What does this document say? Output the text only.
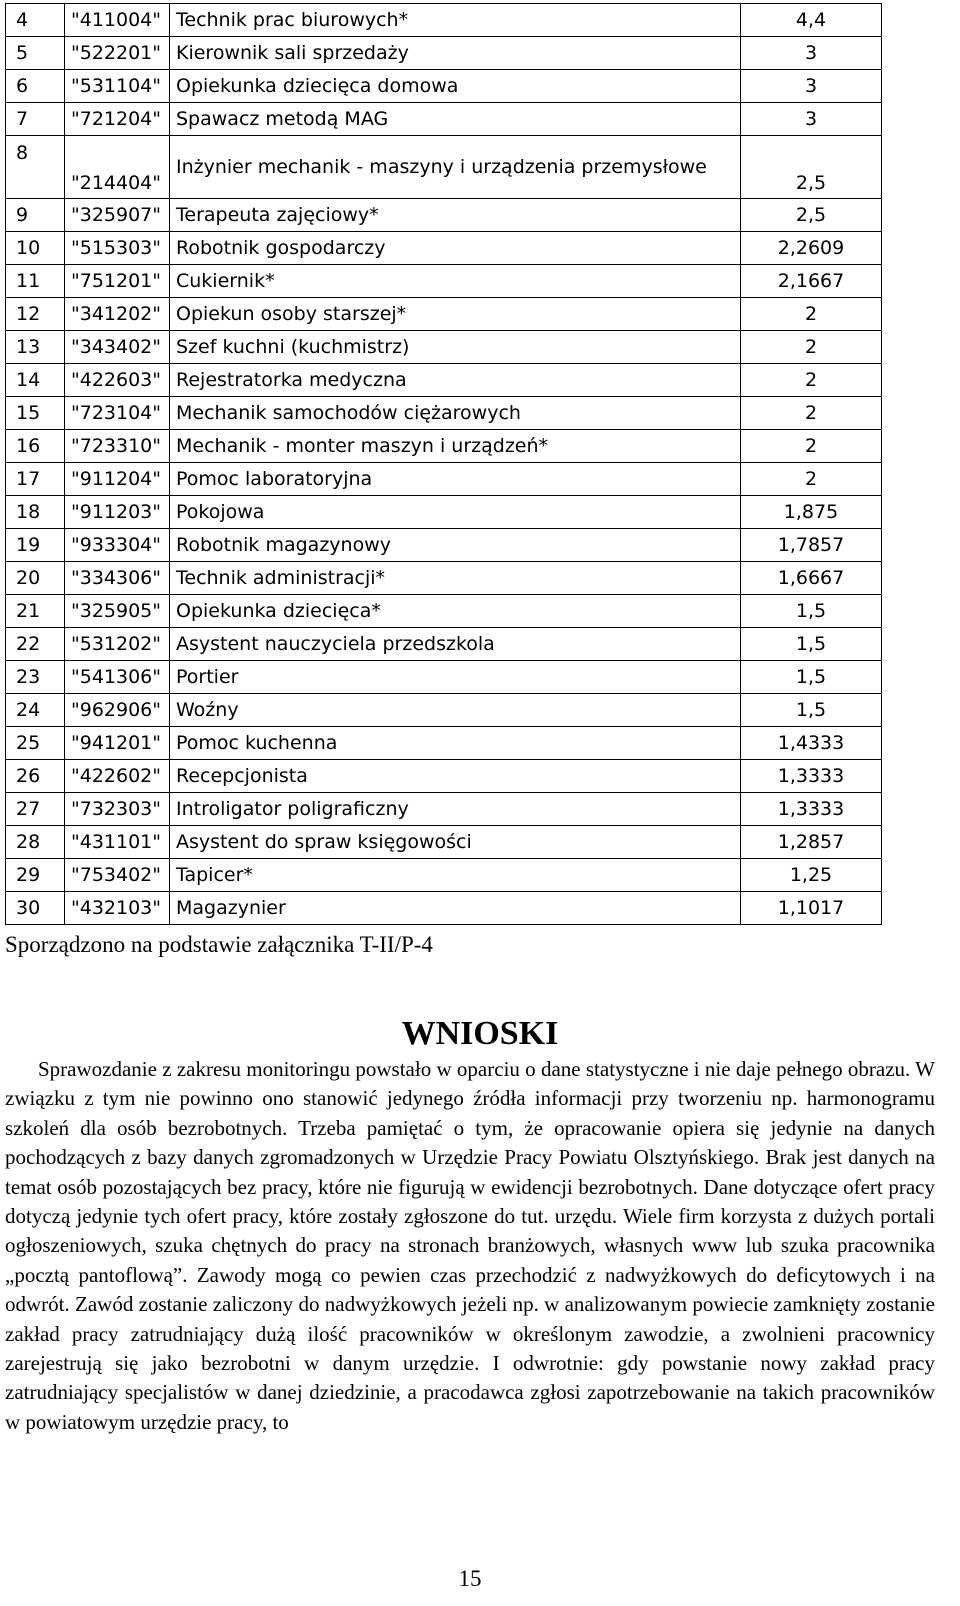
4	"411004"	Technik prac biurowych*	4,4
5	"522201"	Kierownik sali sprzedaży	3
6	"531104"	Opiekunka dziecięca domowa	3
7	"721204"	Spawacz metodą MAG	3
8	"214404"	Inżynier mechanik - maszyny i urządzenia przemysłowe	2,5
9	"325907"	Terapeuta zajęciowy*	2,5
10	"515303"	Robotnik gospodarczy	2,2609
11	"751201"	Cukiernik*	2,1667
12	"341202"	Opiekun osoby starszej*	2
13	"343402"	Szef kuchni (kuchmistrz)	2
14	"422603"	Rejestratorka medyczna	2
15	"723104"	Mechanik samochodów ciężarowych	2
16	"723310"	Mechanik - monter maszyn i urządzeń*	2
17	"911204"	Pomoc laboratoryjna	2
18	"911203"	Pokojowa	1,875
19	"933304"	Robotnik magazynowy	1,7857
20	"334306"	Technik administracji*	1,6667
21	"325905"	Opiekunka dziecięca*	1,5
22	"531202"	Asystent nauczyciela przedszkola	1,5
23	"541306"	Portier	1,5
24	"962906"	Woźny	1,5
25	"941201"	Pomoc kuchenna	1,4333
26	"422602"	Recepcjonista	1,3333
27	"732303"	Introligator poligraficzny	1,3333
28	"431101"	Asystent do spraw księgowości	1,2857
29	"753402"	Tapicer*	1,25
30	"432103"	Magazynier	1,1017

Sporządzono na podstawie załącznika T-II/P-4

WNIOSKI

Sprawozdanie z zakresu monitoringu powstało w oparciu o dane statystyczne i nie daje pełnego obrazu. W związku z tym nie powinno ono stanowić jedynego źródła informacji przy tworzeniu np. harmonogramu szkoleń dla osób bezrobotnych. Trzeba pamiętać o tym, że opracowanie opiera się jedynie na danych pochodzących z bazy danych zgromadzonych w Urzędzie Pracy Powiatu Olsztyńskiego. Brak jest danych na temat osób pozostających bez pracy, które nie figurują w ewidencji bezrobotnych. Dane dotyczące ofert pracy dotyczą jedynie tych ofert pracy, które zostały zgłoszone do tut. urzędu. Wiele firm korzysta z dużych portali ogłoszeniowych, szuka chętnych do pracy na stronach branżowych, własnych www lub szuka pracownika „pocztą pantoflową”. Zawody mogą co pewien czas przechodzić z nadwyżkowych do deficytowych i na odwrót. Zawód zostanie zaliczony do nadwyżkowych jeżeli np. w analizowanym powiecie zamknięty zostanie zakład pracy zatrudniający dużą ilość pracowników w określonym zawodzie, a zwolnieni pracownicy zarejestrują się jako bezrobotni w danym urzędzie. I odwrotnie: gdy powstanie nowy zakład pracy zatrudniający specjalistów w danej dziedzinie, a pracodawca zgłosi zapotrzebowanie na takich pracowników w powiatowym urzędzie pracy, to

15
